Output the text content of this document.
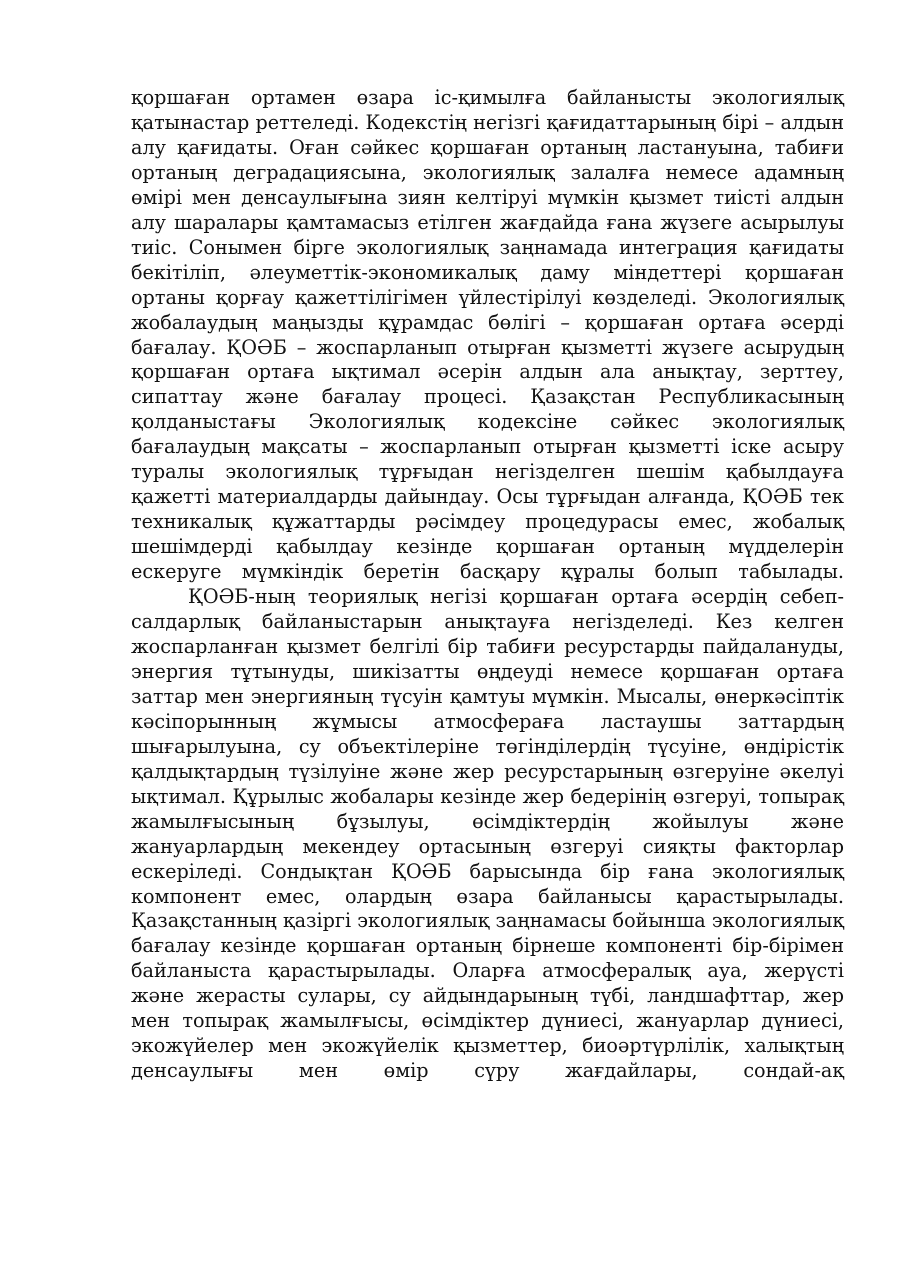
қоршаған ортамен өзара іс-қимылға байланысты экологиялық қатынастар реттеледі. Кодекстің негізгі қағидаттарының бірі – алдын алу қағидаты. Оған сәйкес қоршаған ортаның ластануына, табиғи ортаның деградациясына, экологиялық залалға немесе адамның өмірі мен денсаулығына зиян келтіруі мүмкін қызмет тиісті алдын алу шаралары қамтамасыз етілген жағдайда ғана жүзеге асырылуы тиіс. Сонымен бірге экологиялық заңнамада интеграция қағидаты бекітіліп, әлеуметтік-экономикалық даму міндеттері қоршаған ортаны қорғау қажеттілігімен үйлестірілуі көзделеді. Экологиялық жобалаудың маңызды құрамдас бөлігі – қоршаған ортаға әсерді бағалау. ҚОӘБ – жоспарланып отырған қызметті жүзеге асырудың қоршаған ортаға ықтимал әсерін алдын ала анықтау, зерттеу, сипаттау және бағалау процесі. Қазақстан Республикасының қолданыстағы Экологиялық кодексіне сәйкес экологиялық бағалаудың мақсаты – жоспарланып отырған қызметті іске асыру туралы экологиялық тұрғыдан негізделген шешім қабылдауға қажетті материалдарды дайындау. Осы тұрғыдан алғанда, ҚОӘБ тек техникалық құжаттарды рәсімдеу процедурасы емес, жобалық шешімдерді қабылдау кезінде қоршаған ортаның мүдделерін ескеруге мүмкіндік беретін басқару құралы болып табылады.

ҚОӘБ-ның теориялық негізі қоршаған ортаға әсердің себеп-салдарлық байланыстарын анықтауға негізделеді. Кез келген жоспарланған қызмет белгілі бір табиғи ресурстарды пайдалануды, энергия тұтынуды, шикізатты өңдеуді немесе қоршаған ортаға заттар мен энергияның түсуін қамтуы мүмкін. Мысалы, өнеркәсіптік кәсіпорынның жұмысы атмосфераға ластаушы заттардың шығарылуына, су объектілеріне төгінділердің түсуіне, өндірістік қалдықтардың түзілуіне және жер ресурстарының өзгеруіне әкелуі ықтимал. Құрылыс жобалары кезінде жер бедерінің өзгеруі, топырақ жамылғысының бұзылуы, өсімдіктердің жойылуы және жануарлардың мекендеу ортасының өзгеруі сияқты факторлар ескеріледі. Сондықтан ҚОӘБ барысында бір ғана экологиялық компонент емес, олардың өзара байланысы қарастырылады. Қазақстанның қазіргі экологиялық заңнамасы бойынша экологиялық бағалау кезінде қоршаған ортаның бірнеше компоненті бір-бірімен байланыста қарастырылады. Оларға атмосфералық ауа, жерүсті және жерасты сулары, су айдындарының түбі, ландшафттар, жер мен топырақ жамылғысы, өсімдіктер дүниесі, жануарлар дүниесі, экожүйелер мен экожүйелік қызметтер, биоәртүрлілік, халықтың денсаулығы мен өмір сүру жағдайлары, сондай-ақ
